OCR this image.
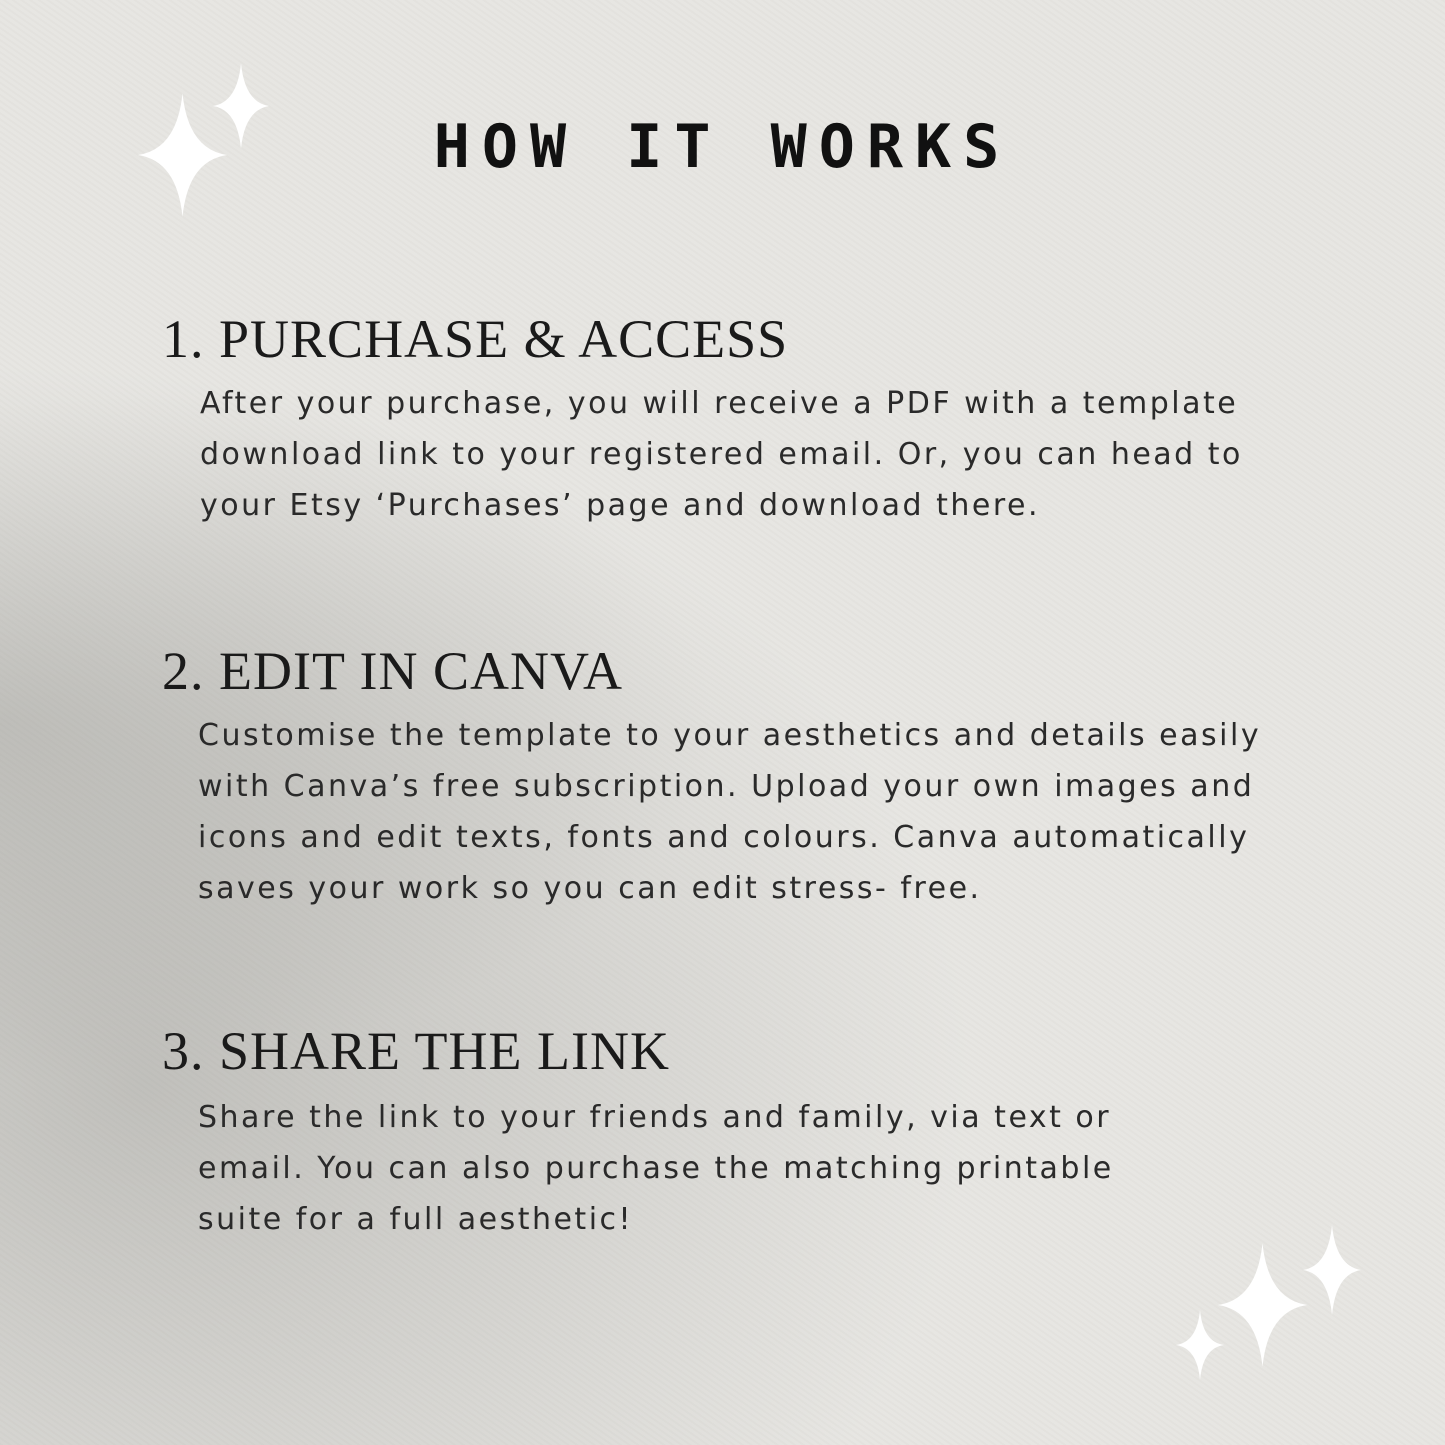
HOW IT WORKS
1. PURCHASE & ACCESS
After your purchase, you will receive a PDF with a template download link to your registered email. Or, you can head to your Etsy ‘Purchases’ page and download there.
2. EDIT IN CANVA
Customise the template to your aesthetics and details easily with Canva’s free subscription. Upload your own images and icons and edit texts, fonts and colours. Canva automatically saves your work so you can edit stress- free.
3. SHARE THE LINK
Share the link to your friends and family, via text or email. You can also purchase the matching printable suite for a full aesthetic!
